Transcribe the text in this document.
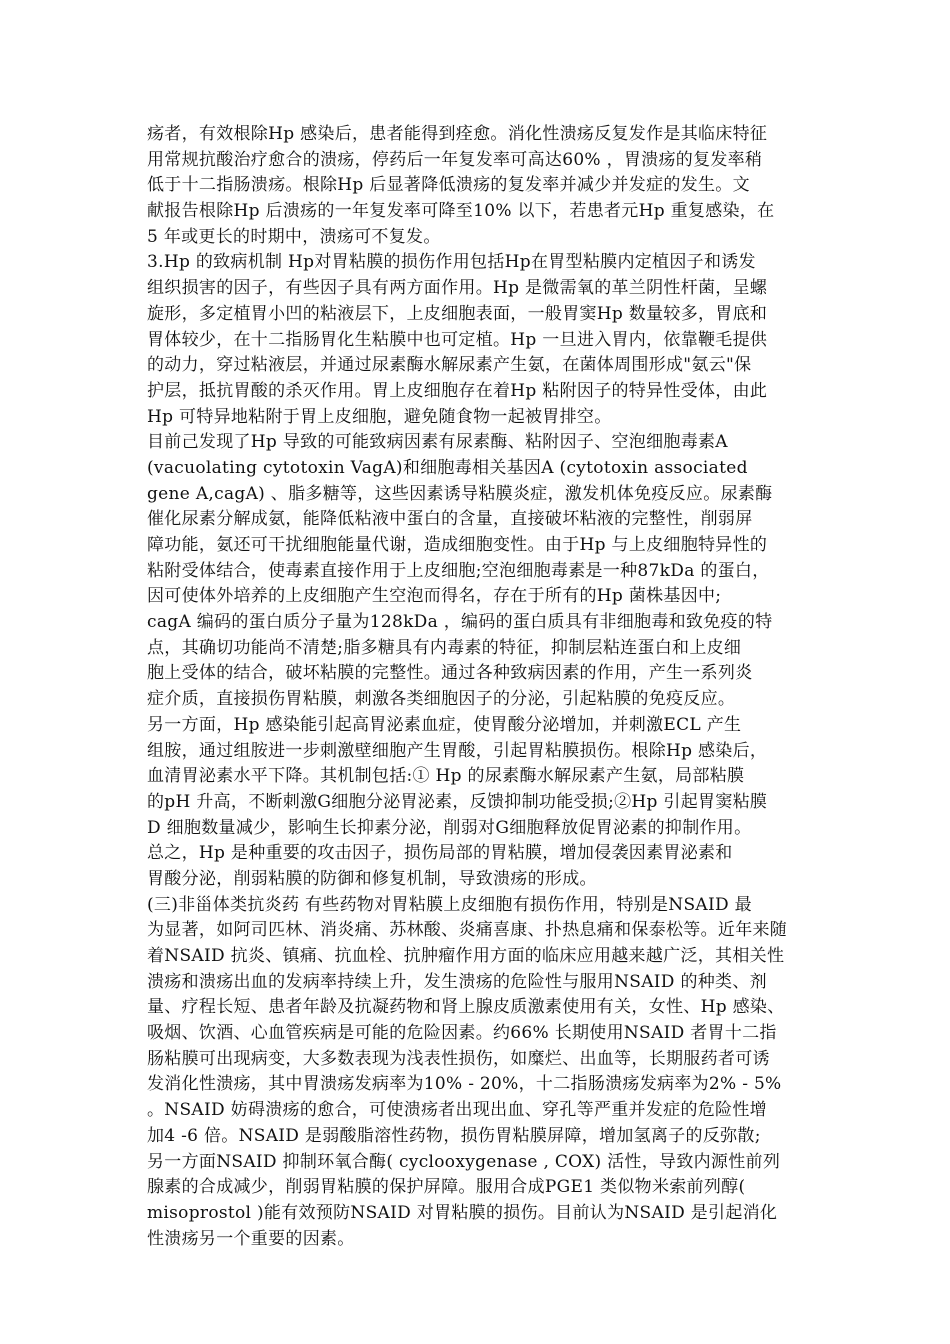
疡者，有效根除Hp 感染后，患者能得到痊愈。消化性溃疡反复发作是其临床特征
用常规抗酸治疗愈合的溃疡，停药后一年复发率可高达60% ，胃溃疡的复发率稍
低于十二指肠溃疡。根除Hp 后显著降低溃疡的复发率并减少并发症的发生。文
献报告根除Hp 后溃疡的一年复发率可降至10% 以下，若患者元Hp 重复感染，在
5 年或更长的时期中，溃疡可不复发。
3.Hp 的致病机制 Hp对胃粘膜的损伤作用包括Hp在胃型粘膜内定植因子和诱发
组织损害的因子，有些因子具有两方面作用。Hp 是微需氧的革兰阴性杆菌，呈螺
旋形，多定植胃小凹的粘液层下，上皮细胞表面，一般胃窦Hp 数量较多，胃底和
胃体较少，在十二指肠胃化生粘膜中也可定植。Hp 一旦进入胃内，依靠鞭毛提供
的动力，穿过粘液层，并通过尿素酶水解尿素产生氨，在菌体周围形成"氨云"保
护层，抵抗胃酸的杀灭作用。胃上皮细胞存在着Hp 粘附因子的特异性受体，由此
Hp 可特异地粘附于胃上皮细胞，避免随食物一起被胃排空。
目前己发现了Hp 导致的可能致病因素有尿素酶、粘附因子、空泡细胞毒素A
(vacuolating cytotoxin VagA)和细胞毒相关基因A (cytotoxin associated
gene A,cagA) 、脂多糖等，这些因素诱导粘膜炎症，激发机体免疫反应。尿素酶
催化尿素分解成氨，能降低粘液中蛋白的含量，直接破坏粘液的完整性，削弱屏
障功能，氨还可干扰细胞能量代谢，造成细胞变性。由于Hp 与上皮细胞特异性的
粘附受体结合，使毒素直接作用于上皮细胞;空泡细胞毒素是一种87kDa 的蛋白，
因可使体外培养的上皮细胞产生空泡而得名，存在于所有的Hp 菌株基因中;
cagA 编码的蛋白质分子量为128kDa ，编码的蛋白质具有非细胞毒和致免疫的特
点，其确切功能尚不清楚;脂多糖具有内毒素的特征，抑制层粘连蛋白和上皮细
胞上受体的结合，破坏粘膜的完整性。通过各种致病因素的作用，产生一系列炎
症介质，直接损伤胃粘膜，刺激各类细胞因子的分泌，引起粘膜的免疫反应。
另一方面，Hp 感染能引起高胃泌素血症，使胃酸分泌增加，并刺激ECL 产生
组胺，通过组胺进一步刺激壁细胞产生胃酸，引起胃粘膜损伤。根除Hp 感染后，
血清胃泌素水平下降。其机制包括:① Hp 的尿素酶水解尿素产生氨，局部粘膜
的pH 升高，不断刺激G细胞分泌胃泌素，反馈抑制功能受损;②Hp 引起胃窦粘膜
D 细胞数量减少，影响生长抑素分泌，削弱对G细胞释放促胃泌素的抑制作用。
总之，Hp 是种重要的攻击因子，损伤局部的胃粘膜，增加侵袭因素胃泌素和
胃酸分泌，削弱粘膜的防御和修复机制，导致溃疡的形成。
(三)非甾体类抗炎药 有些药物对胃粘膜上皮细胞有损伤作用，特别是NSAID 最
为显著，如阿司匹林、消炎痛、苏林酸、炎痛喜康、扑热息痛和保泰松等。近年来随
着NSAID 抗炎、镇痛、抗血栓、抗肿瘤作用方面的临床应用越来越广泛，其相关性
溃疡和溃疡出血的发病率持续上升，发生溃疡的危险性与服用NSAID 的种类、剂
量、疗程长短、患者年龄及抗凝药物和肾上腺皮质激素使用有关，女性、Hp 感染、
吸烟、饮酒、心血管疾病是可能的危险因素。约66% 长期使用NSAID 者胃十二指
肠粘膜可出现病变，大多数表现为浅表性损伤，如糜烂、出血等，长期服药者可诱
发消化性溃疡，其中胃溃疡发病率为10% - 20%，十二指肠溃疡发病率为2% - 5%
。NSAID 妨碍溃疡的愈合，可使溃疡者出现出血、穿孔等严重并发症的危险性增
加4 -6 倍。NSAID 是弱酸脂溶性药物，损伤胃粘膜屏障，增加氢离子的反弥散;
另一方面NSAID 抑制环氧合酶( cyclooxygenase , COX) 活性，导致内源性前列
腺素的合成减少，削弱胃粘膜的保护屏障。服用合成PGE1 类似物米索前列醇(
misoprostol )能有效预防NSAID 对胃粘膜的损伤。目前认为NSAID 是引起消化
性溃疡另一个重要的因素。
